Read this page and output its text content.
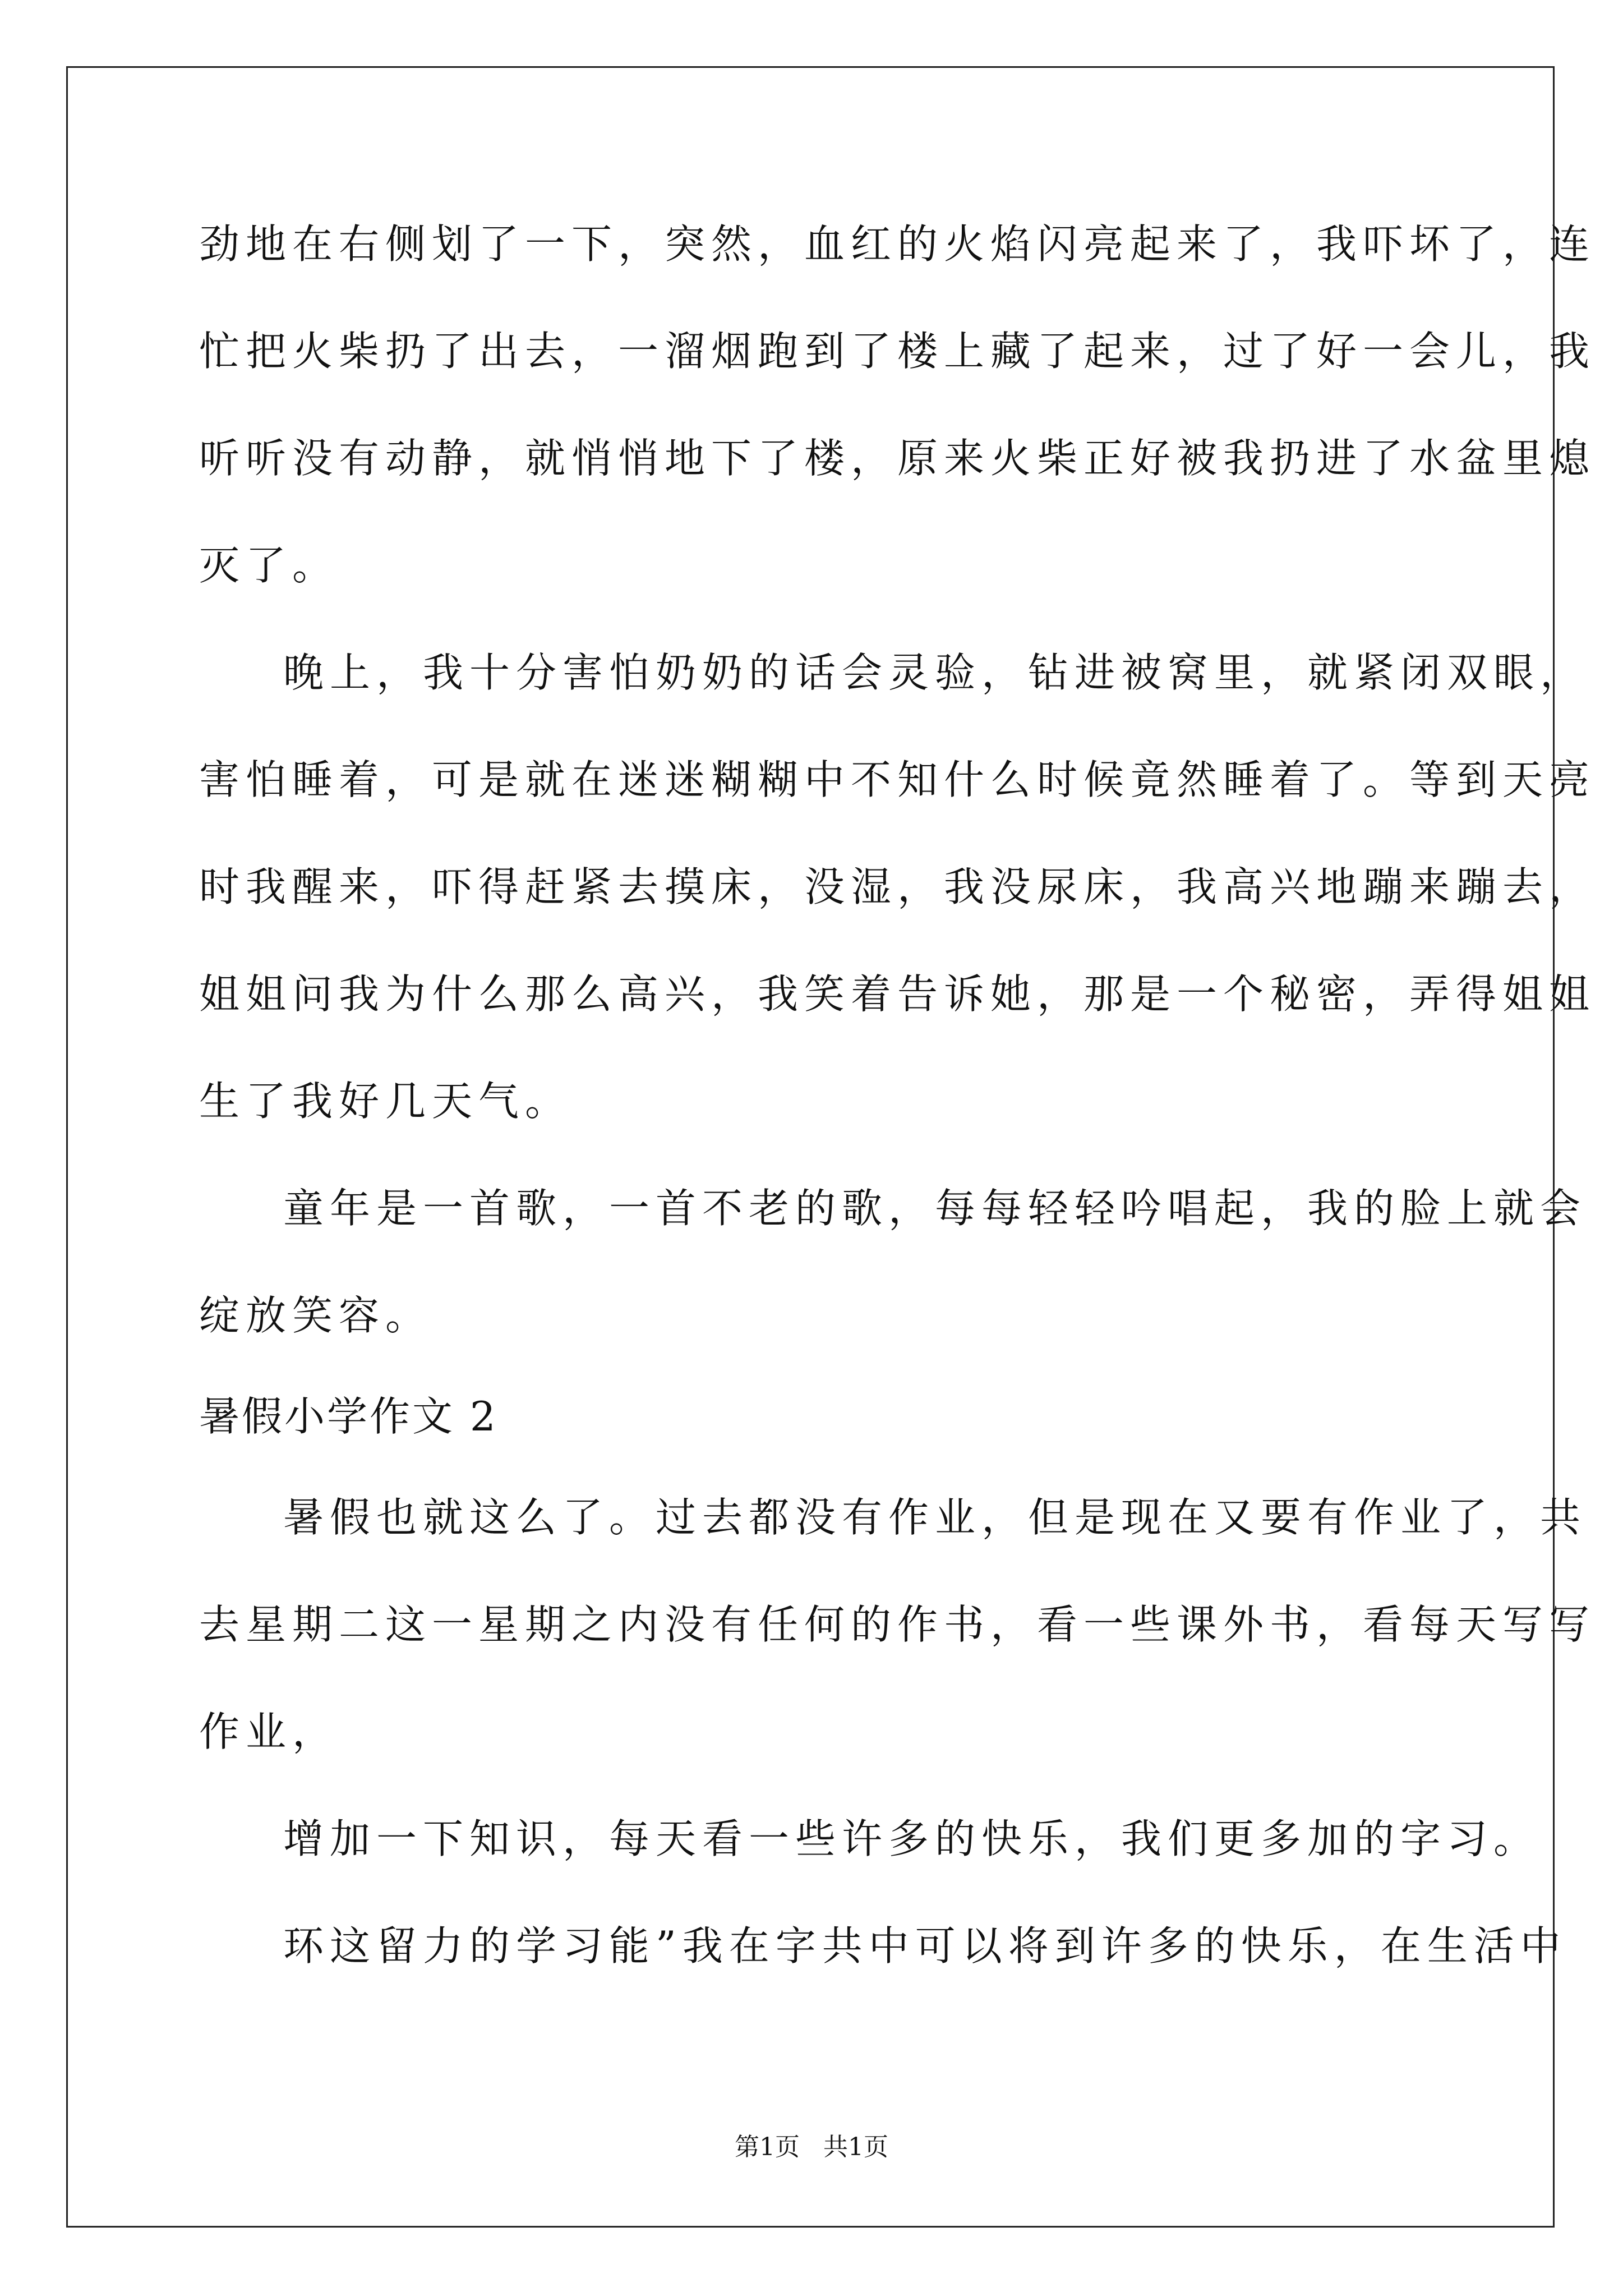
劲地在右侧划了一下，突然，血红的火焰闪亮起来了，我吓坏了，连
忙把火柴扔了出去，一溜烟跑到了楼上藏了起来，过了好一会儿，我
听听没有动静，就悄悄地下了楼，原来火柴正好被我扔进了水盆里熄
灭了。
晚上，我十分害怕奶奶的话会灵验，钻进被窝里，就紧闭双眼，
害怕睡着，可是就在迷迷糊糊中不知什么时候竟然睡着了。等到天亮
时我醒来，吓得赶紧去摸床，没湿，我没尿床，我高兴地蹦来蹦去，
姐姐问我为什么那么高兴，我笑着告诉她，那是一个秘密，弄得姐姐
生了我好几天气。
童年是一首歌，一首不老的歌，每每轻轻吟唱起，我的脸上就会
绽放笑容。
暑假小学作文 2
暑假也就这么了。过去都没有作业，但是现在又要有作业了，共
去星期二这一星期之内没有任何的作书，看一些课外书，看每天写写
作业，
增加一下知识，每天看一些许多的快乐，我们更多加的字习。
环这留力的学习能”我在字共中可以将到许多的快乐，在生活中
第1页   共1页
